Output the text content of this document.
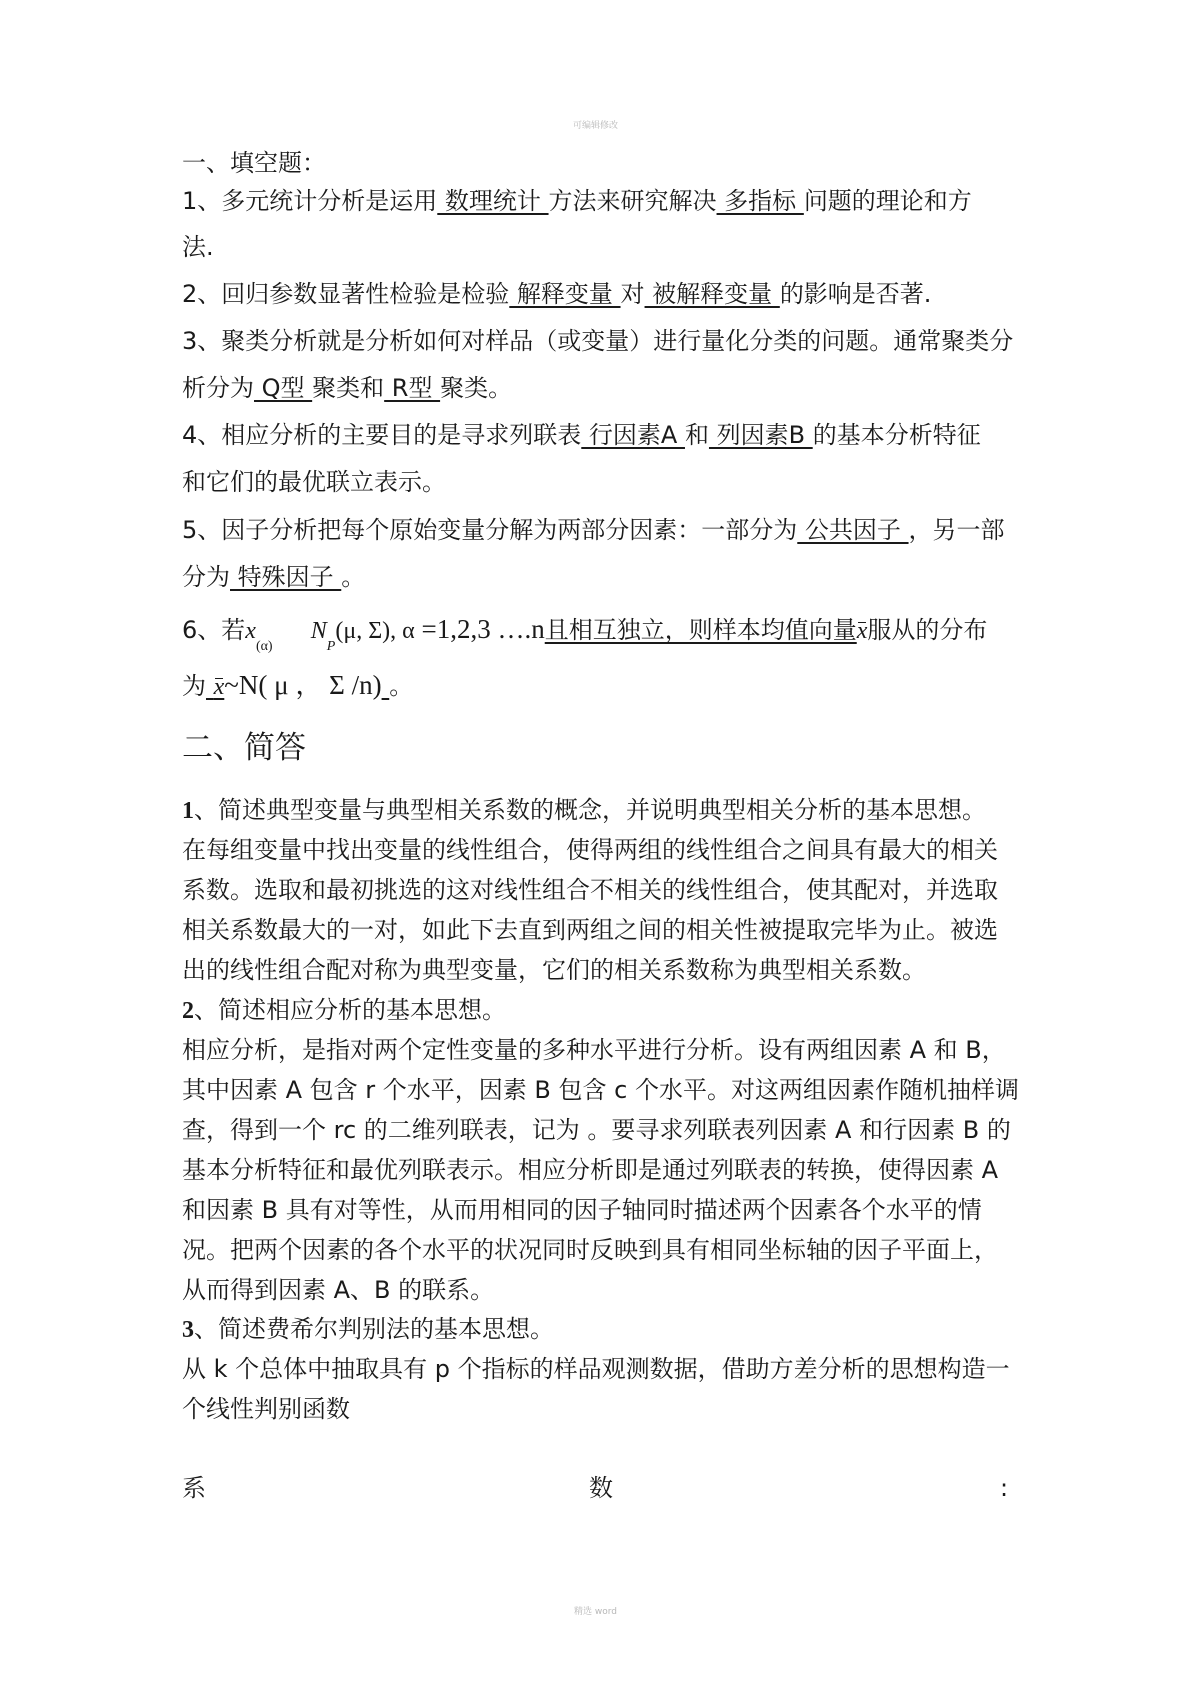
可编辑修改
一、填空题：
1、多元统计分析是运用 数理统计 方法来研究解决 多指标 问题的理论和方
法.
2、回归参数显著性检验是检验 解释变量 对 被解释变量 的影响是否著.
3、聚类分析就是分析如何对样品（或变量）进行量化分类的问题。通常聚类分
析分为 Q型 聚类和 R型 聚类。
4、相应分析的主要目的是寻求列联表 行因素A 和 列因素B 的基本分析特征
和它们的最优联立表示。
5、因子分析把每个原始变量分解为两部分因素：一部分为 公共因子 ，另一部
分为 特殊因子 。
6、若$x_{(\alpha)}$     $N_P(\mu$, Σ), α =1,2,3 ….n且相互独立，则样本均值向量x服从的分布
为 x~N( μ ， Σ /n) 。
二、简答
1、简述典型变量与典型相关系数的概念，并说明典型相关分析的基本思想。
在每组变量中找出变量的线性组合，使得两组的线性组合之间具有最大的相关
系数。选取和最初挑选的这对线性组合不相关的线性组合，使其配对，并选取
相关系数最大的一对，如此下去直到两组之间的相关性被提取完毕为止。被选
出的线性组合配对称为典型变量，它们的相关系数称为典型相关系数。
2、简述相应分析的基本思想。
相应分析，是指对两个定性变量的多种水平进行分析。设有两组因素 A 和 B，
其中因素 A 包含 r 个水平，因素 B 包含 c 个水平。对这两组因素作随机抽样调
查，得到一个 rc 的二维列联表，记为 。要寻求列联表列因素 A 和行因素 B 的
基本分析特征和最优列联表示。相应分析即是通过列联表的转换，使得因素 A
和因素 B 具有对等性，从而用相同的因子轴同时描述两个因素各个水平的情
况。把两个因素的各个水平的状况同时反映到具有相同坐标轴的因子平面上，
从而得到因素 A、B 的联系。
3、简述费希尔判别法的基本思想。
从 k 个总体中抽取具有 p 个指标的样品观测数据，借助方差分析的思想构造一
个线性判别函数
系	数	:
精选 word
